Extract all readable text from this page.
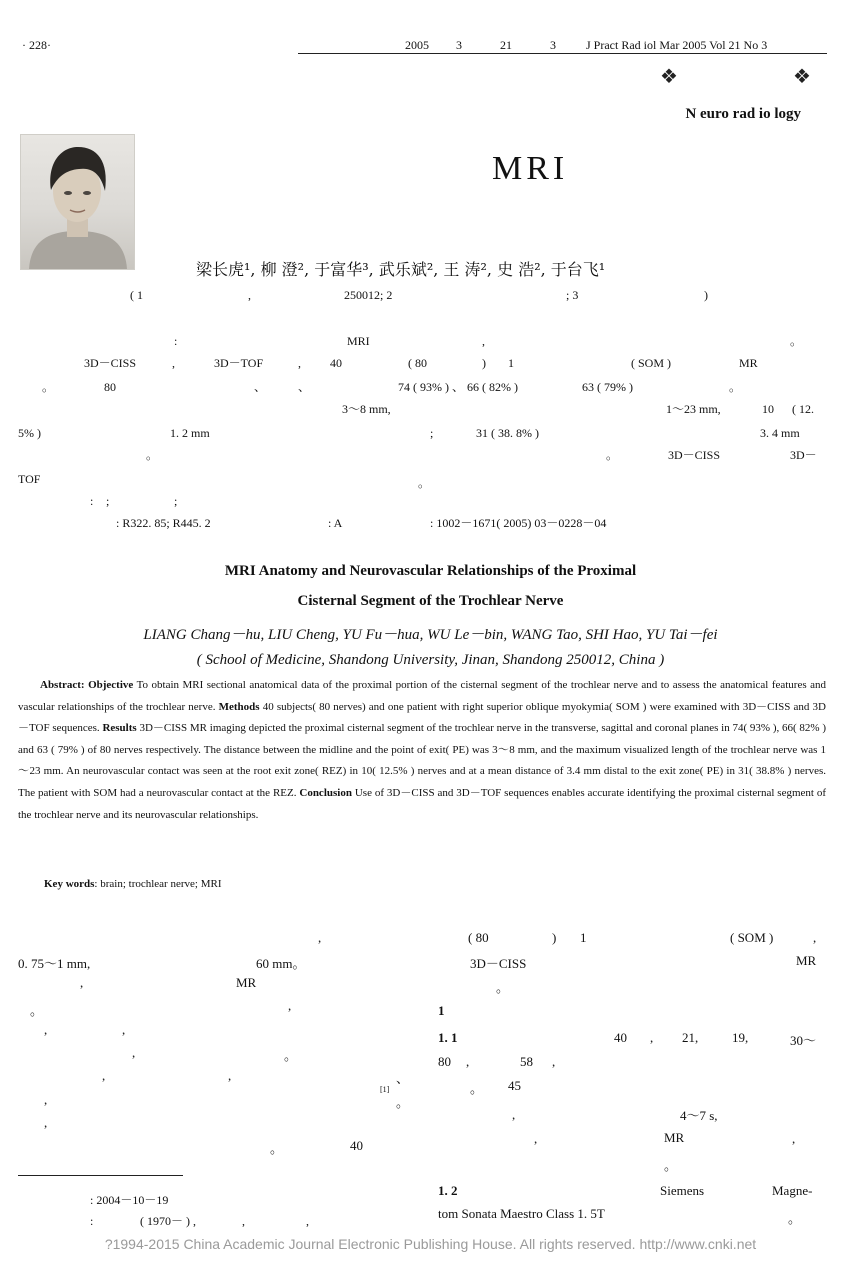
· 228·	2005 3	21	3	J Pract Rad iol Mar 2005 Vol 21 No 3
❖	❖
N euro rad io logy
MRI
梁长虎¹, 柳 澄², 于富华³, 武乐斌², 王 涛², 史 浩², 于台飞¹
( 1	,	250012; 2	; 3	)
:	MRI	,	。
3D－CISS	,	3D－TOF	, 40	( 80	) 1	( SOM )	MR
。	80	、	、	74 ( 93% ) 、 66 ( 82% )	63 ( 79% )	。
3～8 mm,	1～23 mm,	10 ( 12.
5% )	1. 2 mm	;	31 ( 38. 8% )	3. 4 mm
。	。	3D－CISS	3D－
TOF	。
: ;	;
: R322. 85; R445. 2	: A	: 1002－1671( 2005) 03－0228－04
MRI Anatomy and Neurovascular Relationships of the Proximal
Cisternal Segment of the Trochlear Nerve
LIANG Chang－hu, LIU Cheng, YU Fu－hua, WU Le－bin, WANG Tao, SHI Hao, YU Tai－fei
( School of Medicine, Shandong University, Jinan, Shandong 250012, China )
Abstract: Objective To obtain MRI sectional anatomical data of the proximal portion of the cisternal segment of the trochlear nerve and to assess the anatomical features and vascular relationships of the trochlear nerve. Methods 40 subjects( 80 nerves) and one patient with right superior oblique myokymia( SOM ) were examined with 3D－CISS and 3D－TOF sequences. Results 3D－CISS MR imaging depicted the proximal cisternal segment of the trochlear nerve in the transverse, sagittal and coronal planes in 74( 93% ), 66( 82% ) and 63 ( 79% ) of 80 nerves respectively. The distance between the midline and the point of exit( PE) was 3～8 mm, and the maximum visualized length of the trochlear nerve was 1～23 mm. An neurovascular contact was seen at the root exit zone( REZ) in 10( 12.5% ) nerves and at a mean distance of 3.4 mm distal to the exit zone( PE) in 31( 38.8% ) nerves. The patient with SOM had a neurovascular contact at the REZ. Conclusion Use of 3D－CISS and 3D－TOF sequences enables accurate identifying the proximal cisternal segment of the trochlear nerve and its neurovascular relationships.
Key words: brain; trochlear nerve; MRI
,
0. 75～1 mm,	60 mm。
,	MR
。	,
,	,
,	。
,	,	、
,
[1]
。
,
。	40
: 2004－10－19
:	( 1970－ ) ,	,	,
( 80	) 1	( SOM )	,
3D－CISS	MR
。
1
1. 1	40 , 21,	19,	30～
80 ,	58 ,
。 45
,	4～7 s,
,	MR	,
。
1. 2	Siemens	Magne-
tom Sonata Maestro Class 1. 5T	。
?1994-2015 China Academic Journal Electronic Publishing House. All rights reserved. http://www.cnki.net
